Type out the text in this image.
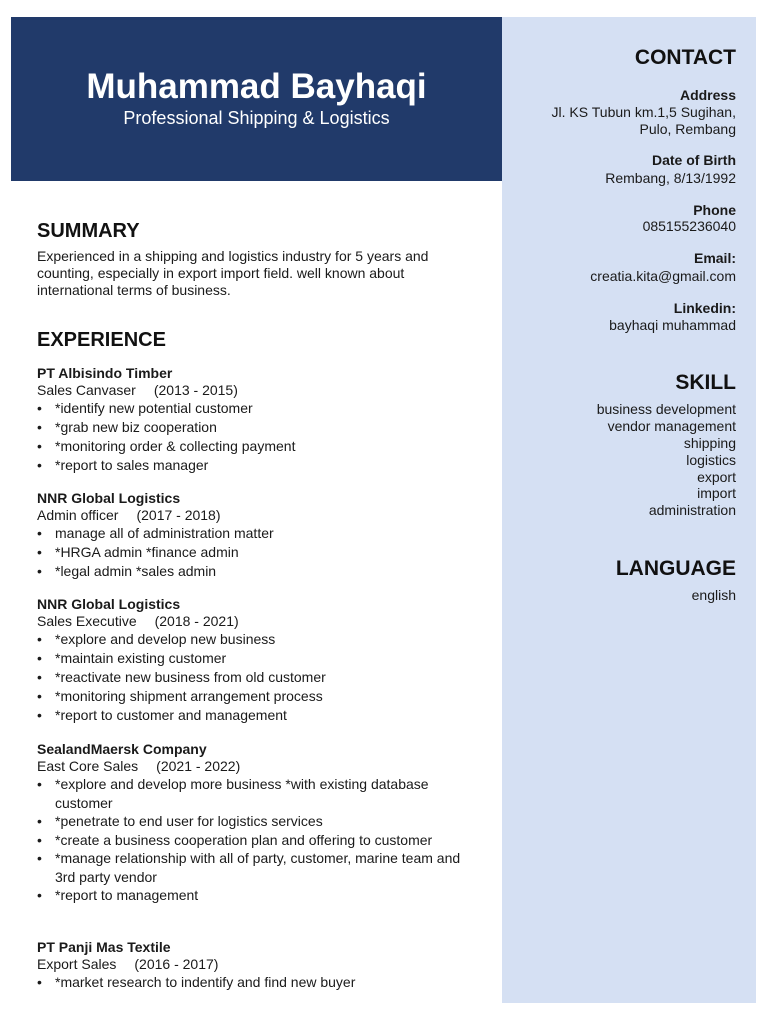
Muhammad Bayhaqi
Professional Shipping & Logistics
CONTACT
Address
Jl. KS Tubun km.1,5 Sugihan,
Pulo, Rembang
Date of Birth
Rembang, 8/13/1992
Phone
085155236040
Email:
creatia.kita@gmail.com
Linkedin:
bayhaqi muhammad
SKILL
business development
vendor management
shipping
logistics
export
import
administration
LANGUAGE
english
SUMMARY
Experienced in a shipping and logistics industry for 5 years and counting, especially in export import field. well known about international terms of business.
EXPERIENCE
PT Albisindo Timber
Sales Canvaser (2013 - 2015)
• *identify new potential customer
• *grab new biz cooperation
• *monitoring order & collecting payment
• *report to sales manager
NNR Global Logistics
Admin officer (2017 - 2018)
• manage all of administration matter
• *HRGA admin *finance admin
• *legal admin *sales admin
NNR Global Logistics
Sales Executive (2018 - 2021)
• *explore and develop new business
• *maintain existing customer
• *reactivate new business from old customer
• *monitoring shipment arrangement process
• *report to customer and management
SealandMaersk Company
East Core Sales (2021 - 2022)
• *explore and develop more business *with existing database customer
• *penetrate to end user for logistics services
• *create a business cooperation plan and offering to customer
• *manage relationship with all of party, customer, marine team and 3rd party vendor
• *report to management
PT Panji Mas Textile
Export Sales (2016 - 2017)
• *market research to indentify and find new buyer
